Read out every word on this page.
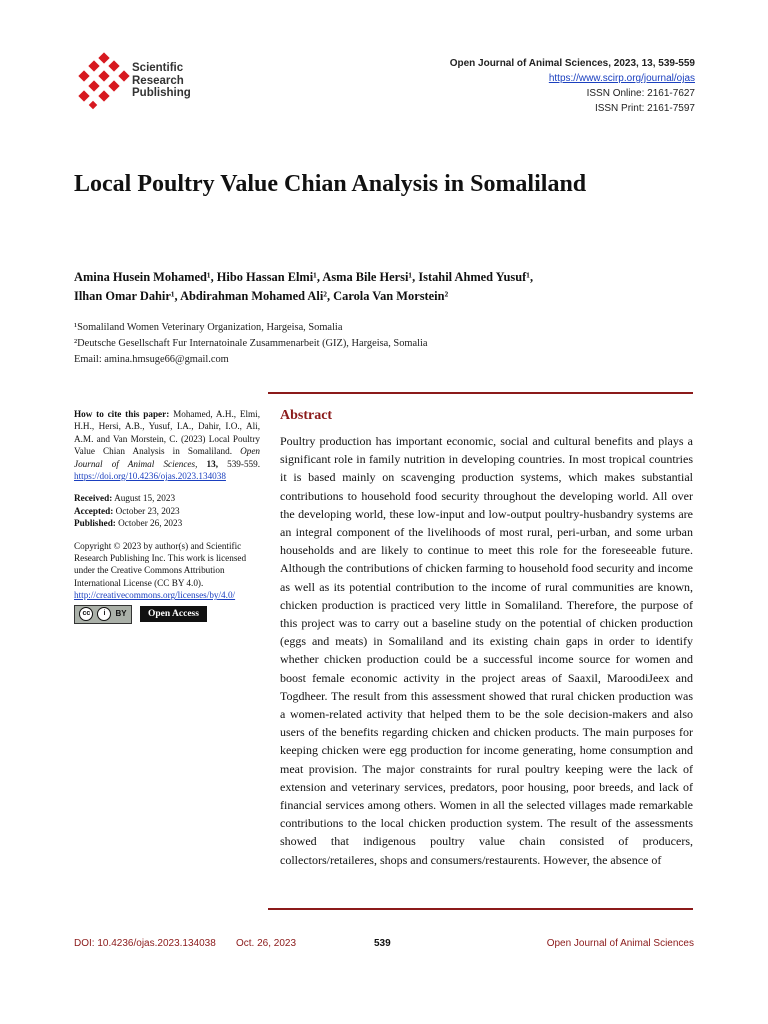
Scientific
Research
Publishing
Open Journal of Animal Sciences, 2023, 13, 539-559
https://www.scirp.org/journal/ojas
ISSN Online: 2161-7627
ISSN Print: 2161-7597
Local Poultry Value Chian Analysis in Somaliland
Amina Husein Mohamed¹, Hibo Hassan Elmi¹, Asma Bile Hersi¹, Istahil Ahmed Yusuf¹,
Ilhan Omar Dahir¹, Abdirahman Mohamed Ali², Carola Van Morstein²
¹Somaliland Women Veterinary Organization, Hargeisa, Somalia
²Deutsche Gesellschaft Fur Internatoinale Zusammenarbeit (GIZ), Hargeisa, Somalia
Email: amina.hmsuge66@gmail.com

How to cite this paper: Mohamed, A.H., Elmi, H.H., Hersi, A.B., Yusuf, I.A., Dahir, I.O., Ali, A.M. and Van Morstein, C. (2023) Local Poultry Value Chian Analysis in Somaliland. Open Journal of Animal Sciences, 13, 539-559. https://doi.org/10.4236/ojas.2023.134038

Received: August 15, 2023
Accepted: October 23, 2023
Published: October 26, 2023

Copyright © 2023 by author(s) and Scientific Research Publishing Inc. This work is licensed under the Creative Commons Attribution International License (CC BY 4.0).

http://creativecommons.org/licenses/by/4.0/
cc	i	BY	Open Access
Abstract

Poultry production has important economic, social and cultural benefits and plays a significant role in family nutrition in developing countries. In most tropical countries it is based mainly on scavenging production systems, which makes substantial contributions to household food security throughout the developing world. All over the developing world, these low-input and low-output poultry-husbandry systems are an integral component of the livelihoods of most rural, peri-urban, and some urban households and are likely to continue to meet this role for the foreseeable future. Although the contributions of chicken farming to household food security and income as well as its potential contribution to the income of rural communities are known, chicken production is practiced very little in Somaliland. Therefore, the purpose of this project was to carry out a baseline study on the potential of chicken production (eggs and meats) in Somaliland and its existing chain gaps in order to identify whether chicken production could be a successful income source for women and boost female economic activity in the project areas of Saaxil, MaroodiJeex and Togdheer. The result from this assessment showed that rural chicken production was a women-related activity that helped them to be the sole decision-makers and also users of the benefits regarding chicken and chicken products. The main purposes for keeping chicken were egg production for income generating, home consumption and meat provision. The major constraints for rural poultry keeping were the lack of extension and veterinary services, predators, poor housing, poor breeds, and lack of financial services among others. Women in all the selected villages made remarkable contributions to the local chicken production system. The result of the assessments showed that indigenous poultry value chain consisted of producers, collectors/retaileres, shops and consumers/restaurents. However, the absence of

DOI: 10.4236/ojas.2023.134038 Oct. 26, 2023	539	Open Journal of Animal Sciences
